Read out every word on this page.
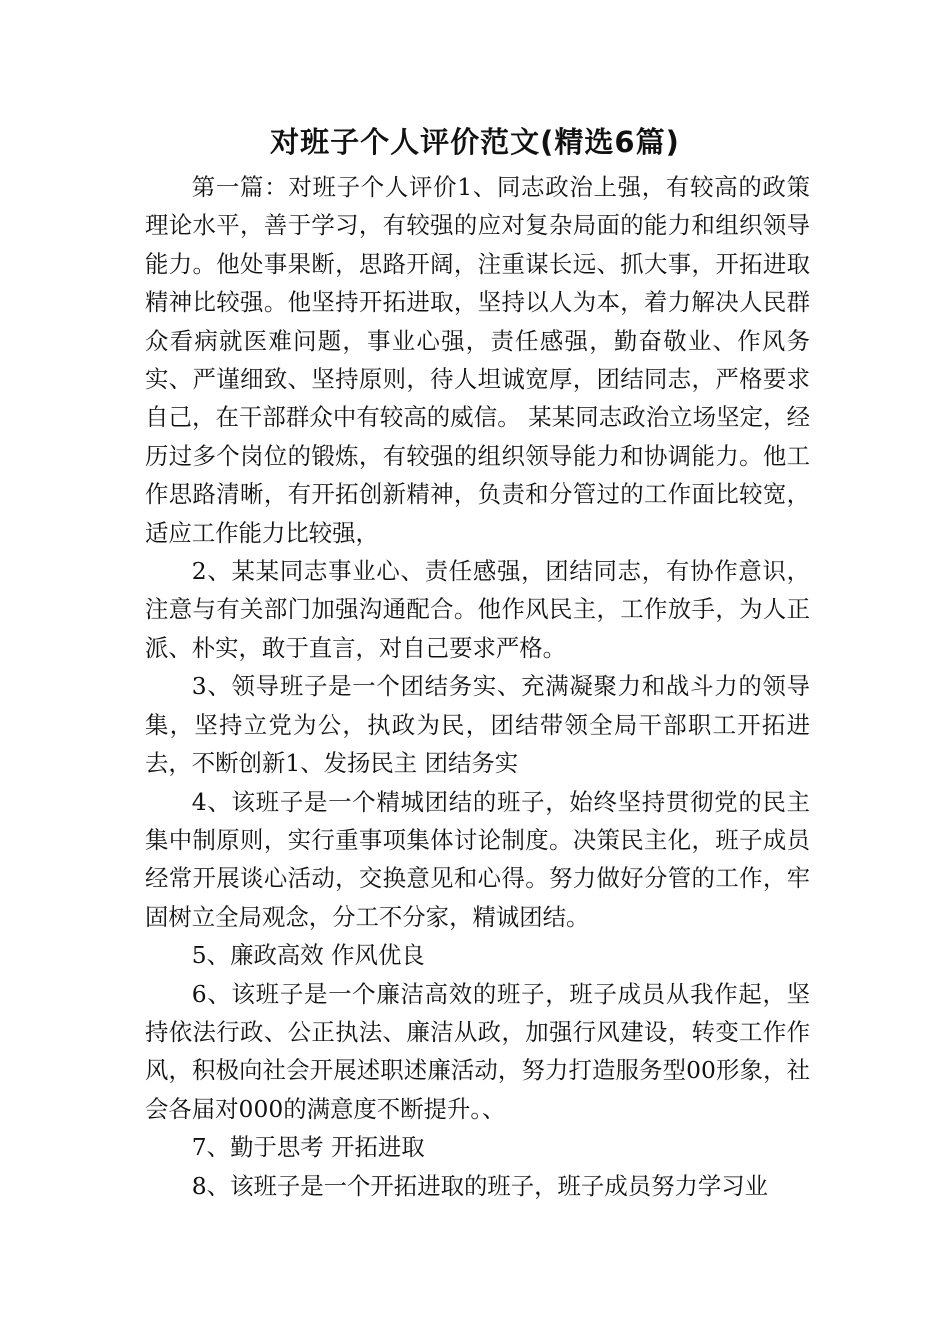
对班子个人评价范文(精选6篇)

第一篇：对班子个人评价1、同志政治上强，有较高的政策理论水平，善于学习，有较强的应对复杂局面的能力和组织领导能力。他处事果断，思路开阔，注重谋长远、抓大事，开拓进取精神比较强。他坚持开拓进取，坚持以人为本，着力解决人民群众看病就医难问题，事业心强，责任感强，勤奋敬业、作风务实、严谨细致、坚持原则，待人坦诚宽厚，团结同志，严格要求自己，在干部群众中有较高的威信。 某某同志政治立场坚定，经历过多个岗位的锻炼，有较强的组织领导能力和协调能力。他工作思路清晰，有开拓创新精神，负责和分管过的工作面比较宽，适应工作能力比较强，

2、某某同志事业心、责任感强，团结同志，有协作意识，注意与有关部门加强沟通配合。他作风民主，工作放手，为人正派、朴实，敢于直言，对自己要求严格。

3、领导班子是一个团结务实、充满凝聚力和战斗力的领导集，坚持立党为公，执政为民，团结带领全局干部职工开拓进去，不断创新1、发扬民主 团结务实

4、该班子是一个精城团结的班子，始终坚持贯彻党的民主集中制原则，实行重事项集体讨论制度。决策民主化，班子成员经常开展谈心活动，交换意见和心得。努力做好分管的工作，牢固树立全局观念，分工不分家，精诚团结。

5、廉政高效 作风优良

6、该班子是一个廉洁高效的班子，班子成员从我作起，坚持依法行政、公正执法、廉洁从政，加强行风建设，转变工作作风，积极向社会开展述职述廉活动，努力打造服务型00形象，社会各届对000的满意度不断提升。、

7、勤于思考 开拓进取

8、该班子是一个开拓进取的班子，班子成员努力学习业
